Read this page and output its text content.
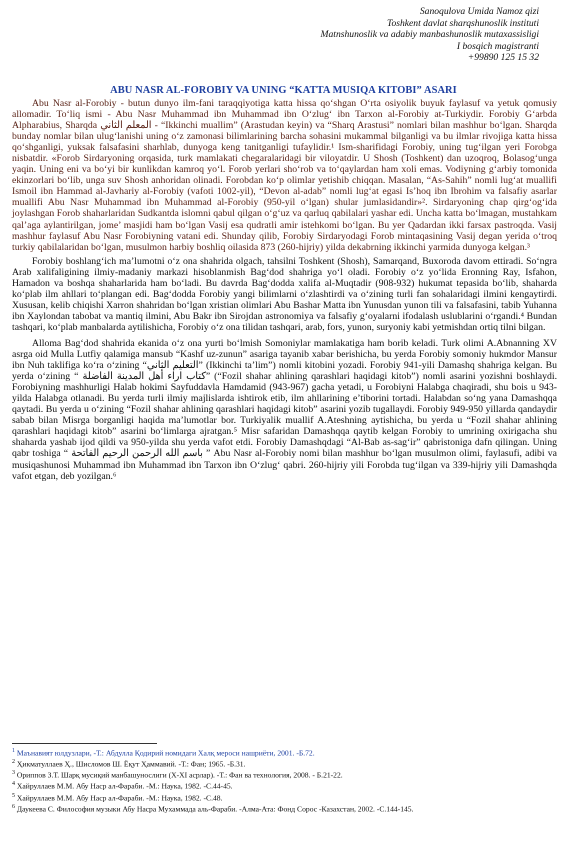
Sanoqulova Umida Namoz qizi
Toshkent davlat sharqshunoslik instituti
Matnshunoslik va adabiy manbashunoslik mutaxassisligi
I bosqich magistranti
+99890 125 15 32
ABU NASR AL-FOROBIY VA UNING “KATTA MUSIQA KITOBI” ASARI

Abu Nasr al-Forobiy - butun dunyo ilm-fani taraqqiyotiga katta hissa qo‘shgan O‘rta osiyolik buyuk faylasuf va yetuk qomusiy allomadir. To‘liq ismi - Abu Nasr Muhammad ibn Muhammad ibn O‘zlug‘ ibn Tarxon al-Forobiy at-Turkiydir. Forobiy G‘arbda Alpharabius, Sharqda المعلم الثاني - “Ikkinchi muallim” (Arastudan keyin) va “Sharq Arastusi” nomlari bilan mashhur bo‘lgan. Sharqda bunday nomlar bilan ulug‘lanishi uning o‘z zamonasi bilimlarining barcha sohasini mukammal bilganligi va bu ilmlar rivojiga katta hissa qo‘shganligi, yuksak falsafasini sharhlab, dunyoga keng tanitganligi tufaylidir.¹ Ism-sharifidagi Forobiy, uning tug‘ilgan yeri Forobga nisbatdir. «Forob Sirdaryoning orqasida, turk mamlakati chegaralaridagi bir viloyatdir. U Shosh (Toshkent) dan uzoqroq, Bolasog‘unga yaqin. Uning eni va bo‘yi bir kunlikdan kamroq yo‘l. Forob yerlari sho‘rob va to‘qaylardan ham xoli emas. Vodiyning g‘arbiy tomonida ekinzorlari bo‘lib, unga suv Shosh anhoridan olinadi. Forobdan ko‘p olimlar yetishib chiqqan. Masalan, “As-Sahih” nomli lug‘at muallifi Ismoil ibn Hammad al-Javhariy al-Forobiy (vafoti 1002-yil), “Devon al-adab” nomli lug‘at egasi Is’hoq ibn Ibrohim va falsafiy asarlar muallifi Abu Nasr Muhammad ibn Muhammad al-Forobiy (950-yil o‘lgan) shular jumlasidandir»². Sirdaryoning chap qirg‘og‘ida joylashgan Forob shaharlaridan Sudkantda islomni qabul qilgan o‘g‘uz va qarluq qabilalari yashar edi. Uncha katta bo‘lmagan, mustahkam qal’aga aylantirilgan, jome’ masjidi ham bo‘lgan Vasij esa qudratli amir istehkomi bo‘lgan. Bu yer Qadardan ikki farsax pastroqda. Vasij mashhur faylasuf Abu Nasr Forobiyning vatani edi. Shunday qilib, Forobiy Sirdaryodagi Forob mintaqasining Vasij degan yerida o‘troq turkiy qabilalaridan bo‘lgan, musulmon harbiy boshliq oilasida 873 (260-hijriy) yilda dekabrning ikkinchi yarmida dunyoga kelgan.³

Forobiy boshlang‘ich ma’lumotni o‘z ona shahrida olgach, tahsilni Toshkent (Shosh), Samarqand, Buxoroda davom ettiradi. So‘ngra Arab xalifaligining ilmiy-madaniy markazi hisoblanmish Bag‘dod shahriga yo‘l oladi. Forobiy o‘z yo‘lida Eronning Ray, Isfahon, Hamadon va boshqa shaharlarida ham bo‘ladi. Bu davrda Bag‘dodda xalifa al-Muqtadir (908-932) hukumat tepasida bo‘lib, shaharda ko‘plab ilm ahllari to‘plangan edi. Bag‘dodda Forobiy yangi bilimlarni o‘zlashtirdi va o‘zining turli fan sohalaridagi ilmini kengaytirdi. Xususan, kelib chiqishi Xarron shahridan bo‘lgan xristian olimlari Abu Bashar Matta ibn Yunusdan yunon tili va falsafasini, tabib Yuhanna ibn Xaylondan tabobat va mantiq ilmini, Abu Bakr ibn Sirojdan astronomiya va falsafiy g‘oyalarni ifodalash uslublarini o‘rgandi.⁴ Bundan tashqari, ko‘plab manbalarda aytilishicha, Forobiy o‘z ona tilidan tashqari, arab, fors, yunon, suryoniy kabi yetmishdan ortiq tilni bilgan.

Alloma Bag‘dod shahrida ekanida o‘z ona yurti bo‘lmish Somoniylar mamlakatiga ham borib keladi. Turk olimi A.Abnanning XV asrga oid Mulla Lutfiy qalamiga mansub “Kashf uz-zunun” asariga tayanib xabar berishicha, bu yerda Forobiy somoniy hukmdor Mansur ibn Nuh taklifiga ko‘ra o‘zining “التعليم الثاني” (Ikkinchi ta’lim”) nomli kitobini yozadi. Forobiy 941-yili Damashq shahriga kelgan. Bu yerda o‘zining “ كتاب اراء أهل المدينة الفاضلة” (“Fozil shahar ahlining qarashlari haqidagi kitob”) nomli asarini yozishni boshlaydi. Forobiyning mashhurligi Halab hokimi Sayfuddavla Hamdamid (943-967) gacha yetadi, u Forobiyni Halabga chaqiradi, shu bois u 943-yilda Halabga otlanadi. Bu yerda turli ilmiy majlislarda ishtirok etib, ilm ahllarining e’tiborini tortadi. Halabdan so‘ng yana Damashqqa qaytadi. Bu yerda u o‘zining “Fozil shahar ahlining qarashlari haqidagi kitob” asarini yozib tugallaydi. Forobiy 949-950 yillarda qandaydir sabab bilan Misrga borganligi haqida ma’lumotlar bor. Turkiyalik muallif A.Ateshning aytishicha, bu yerda u “Fozil shahar ahlining qarashlari haqidagi kitob” asarini bo‘limlarga ajratgan.⁵ Misr safaridan Damashqqa qaytib kelgan Forobiy to umrining oxirigacha shu shaharda yashab ijod qildi va 950-yilda shu yerda vafot etdi. Forobiy Damashqdagi “Al-Bab as-sag‘ir” qabristoniga dafn qilingan. Uning qabr toshiga “ باسم الله الرحمن الرحيم الفاتحة ” Abu Nasr al-Forobiy nomi bilan mashhur bo‘lgan musulmon olimi, faylasufi, adibi va musiqashunosi Muhammad ibn Muhammad ibn Tarxon ibn O‘zlug‘ qabri. 260-hijriy yili Forobda tug‘ilgan va 339-hijriy yili Damashqda vafot etgan, deb yozilgan.⁶

$^1$ Маънавият юлдузлари, -Т.: Абдулла Қодирий номидаги Халқ мероси нашриёти, 2001. -Б.72.
$^2$ Ҳикматуллаев Ҳ., Шисломов Ш. Ёқут Ҳаммавий. -Т.: Фан; 1965. -Б.31.
$^3$ Ориппов З.Т. Шарқ мусиқий манбашунослиги (X-XI асрлар). -Т.: Фан ва технология, 2008. - Б.21-22.
$^4$ Хайруллаев М.М. Абу Наср ал-Фараби. -М.: Наука, 1982. -С.44-45.
$^5$ Хайруллаев М.М. Абу Наср ал-Фараби. -М.: Наука, 1982. -С.48.
$^6$ Даукеева С. Философия музыки Абу Насра Мухаммада аль-Фараби. -Алма-Ата: Фонд Сорос -Казахстан, 2002. -С.144-145.
